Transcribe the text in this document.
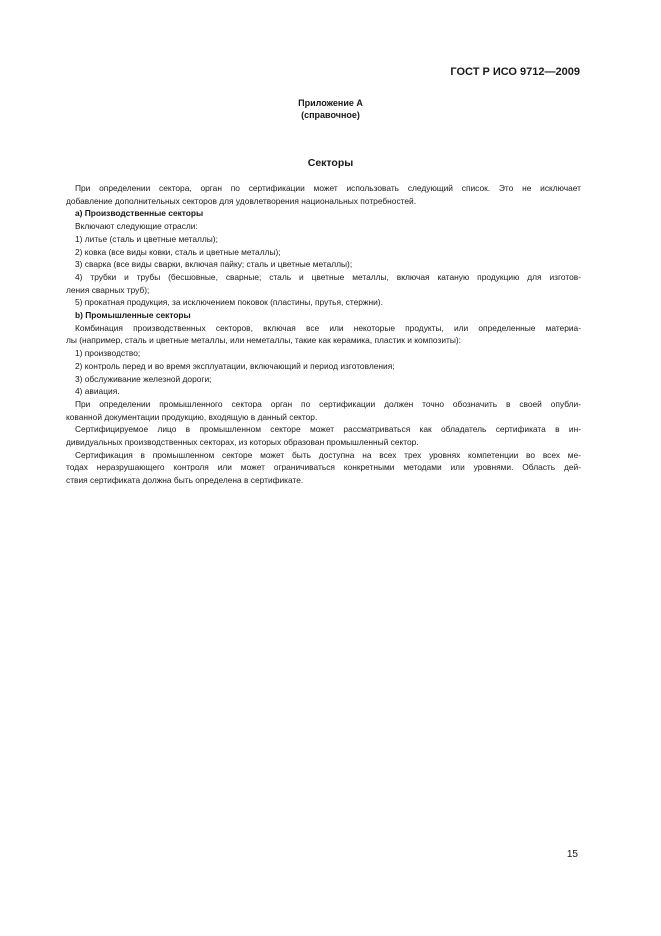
ГОСТ Р ИСО 9712—2009
Приложение А
(справочное)
Секторы

При определении сектора, орган по сертификации может использовать следующий список. Это не исключает

добавление дополнительных секторов для удовлетворения национальных потребностей.

а) Производственные секторы

Включают следующие отрасли:

1) литье (сталь и цветные металлы);

2) ковка (все виды ковки, сталь и цветные металлы);

3) сварка (все виды сварки, включая пайку; сталь и цветные металлы);

4) трубки и трубы (бесшовные, сварные; сталь и цветные металлы, включая катаную продукцию для изготов-

ления сварных труб);

5) прокатная продукция, за исключением поковок (пластины, прутья, стержни).

b) Промышленные секторы

Комбинация производственных секторов, включая все или некоторые продукты, или определенные материа-

лы (например, сталь и цветные металлы, или неметаллы, такие как керамика, пластик и композиты):

1) производство;

2) контроль перед и во время эксплуатации, включающий и период изготовления;

3) обслуживание железной дороги;

4) авиация.

При определении промышленного сектора орган по сертификации должен точно обозначить в своей опубли-

кованной документации продукцию, входящую в данный сектор.

Сертифицируемое лицо в промышленном секторе может рассматриваться как обладатель сертификата в ин-

дивидуальных производственных секторах, из которых образован промышленный сектор.

Сертификация в промышленном секторе может быть доступна на всех трех уровнях компетенции во всех ме-

тодах неразрушающего контроля или может ограничиваться конкретными методами или уровнями. Область дей-

ствия сертификата должна быть определена в сертификате.

15
